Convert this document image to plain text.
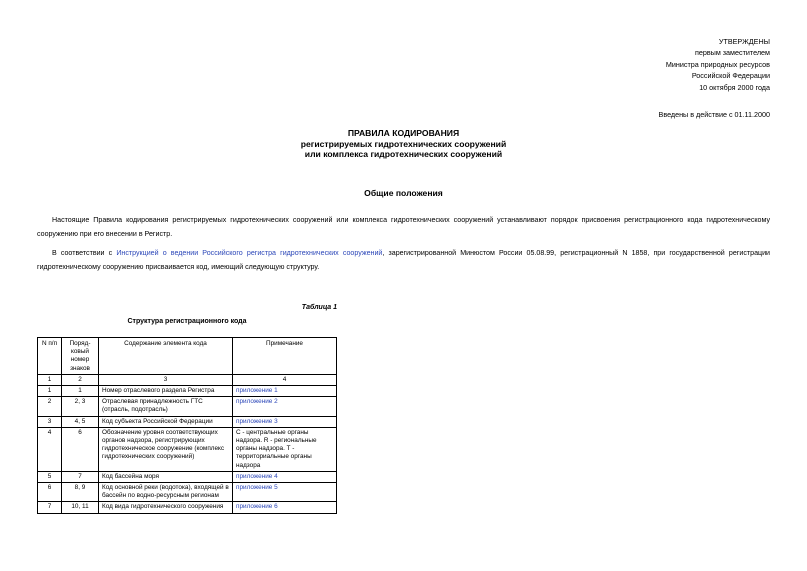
УТВЕРЖДЕНЫ
первым заместителем
Министра природных ресурсов
Российской Федерации
10 октября 2000 года
Введены в действие с 01.11.2000
ПРАВИЛА КОДИРОВАНИЯ
регистрируемых гидротехнических сооружений
или комплекса гидротехнических сооружений
Общие положения
Настоящие Правила кодирования регистрируемых гидротехнических сооружений или комплекса гидротехнических сооружений устанавливают порядок присвоения регистрационного кода гидротехническому сооружению при его внесении в Регистр.
В соответствии с Инструкцией о ведении Российского регистра гидротехнических сооружений, зарегистрированной Минюстом России 05.08.99, регистрационный N 1858, при государственной регистрации гидротехническому сооружению присваивается код, имеющий следующую структуру.
Таблица 1
Структура регистрационного кода
N п/п	Поряд-ковый номер знаков	Содержание элемента кода	Примечание
1	2	3	4
1	1	Номер отраслевого раздела Регистра	приложение 1
2	2, 3	Отраслевая принадлежность ГТС (отрасль, подотрасль)	приложение 2
3	4, 5	Код субъекта Российской Федерации	приложение 3
4	6	Обозначение уровня соответствующих органов надзора, регистрирующих гидротехническое сооружение (комплекс гидротехнических сооружений)	C - центральные органы надзора. R - региональные органы надзора. T - территориальные органы надзора
5	7	Код бассейна моря	приложение 4
6	8, 9	Код основной реки (водотока), входящей в бассейн по водно-ресурсным регионам	приложение 5
7	10, 11	Код вида гидротехнического сооружения	приложение 6
